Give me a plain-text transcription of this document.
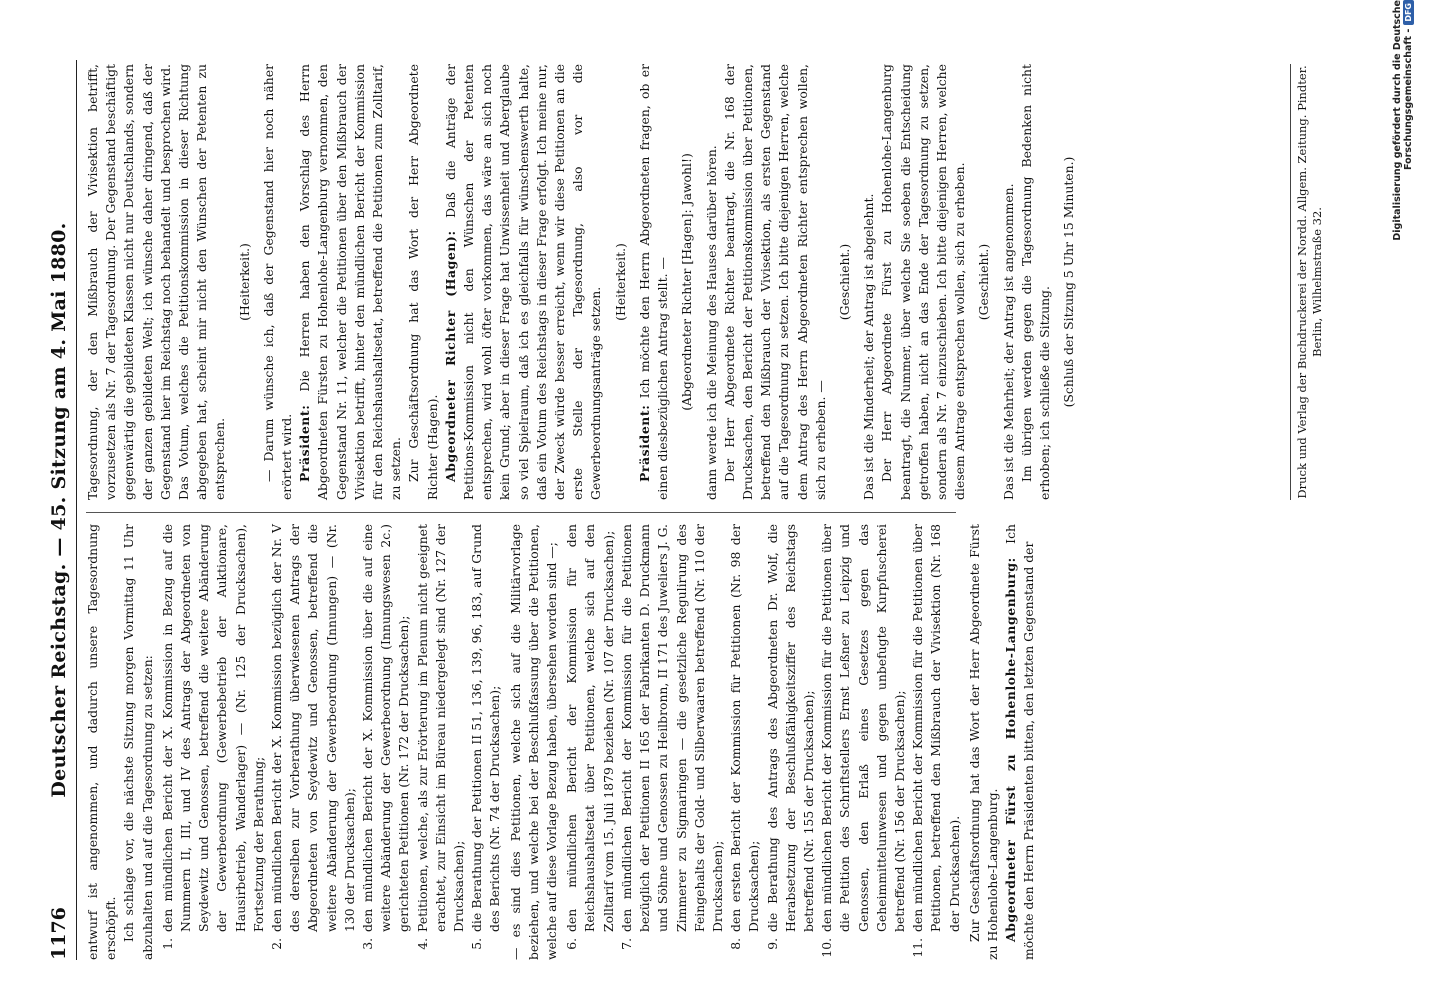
1176
Deutscher Reichstag. — 45. Sitzung am 4. Mai 1880. entwurf ist angenommen, und dadurch unsere Tagesordnung erschöpft. Ich schlage vor, die nächste Sitzung morgen Vormittag 11 Uhr abzuhalten und auf die Tagesordnung zu setzen: 1. den mündlichen Bericht der X. Kommission in Bezug auf die Nummern II, III, und IV des Antrags der Abgeordneten von Seydewitz und Genossen, betreffend die weitere Abänderung der Gewerbeordnung (Gewerbebetrieb der Auktionare, Hausirbetrieb, Wanderlager) — (Nr. 125 der Drucksachen), Fortsetzung der Berathung; 2. den mündlichen Bericht der X. Kommission bezüglich der Nr. V des derselben zur Vorberathung überwiesenen Antrags der Abgeordneten von Seydewitz und Genossen, betreffend die weitere Abänderung der Gewerbeordnung (Innungen) — (Nr. 130 der Drucksachen); 3. den mündlichen Bericht der X. Kommission über die auf eine weitere Abänderung der Gewerbeordnung (Innungswesen 2c.) gerichteten Petitionen (Nr. 172 der Drucksachen); 4. Petitionen, welche, als zur Erörterung im Plenum nicht geeignet erachtet, zur Einsicht im Büreau niedergelegt sind (Nr. 127 der Drucksachen); 5. die Berathung der Petitionen II 51, 136, 139, 96, 183, auf Grund des Berichts (Nr. 74 der Drucksachen); — es sind dies Petitionen, welche sich auf die Militärvorlage beziehen, und welche bei der Beschlußfassung über die Petitionen, welche auf diese Vorlage Bezug haben, übersehen worden sind —; 6. den mündlichen Bericht der Kommission für den Reichshaushaltsetat über Petitionen, welche sich auf den Zolltarif vom 15. Juli 1879 beziehen (Nr. 107 der Drucksachen); 7. den mündlichen Bericht der Kommission für die Petitionen bezüglich der Petitionen II 165 der Fabrikanten D. Druckmann und Söhne und Genossen zu Heilbronn, II 171 des Juweliers J. G. Zimmerer zu Sigmaringen — die gesetzliche Regulirung des Feingehalts der Gold- und Silberwaaren betreffend (Nr. 110 der Drucksachen); 8. den ersten Bericht der Kommission für Petitionen (Nr. 98 der Drucksachen); 9. die Berathung des Antrags des Abgeordneten Dr. Wolf, die Herabsetzung der Beschlußfähigkeitsziffer des Reichstags betreffend (Nr. 155 der Drucksachen); 10. den mündlichen Bericht der Kommission für die Petitionen über die Petition des Schriftstellers Ernst Leßner zu Leipzig und Genossen, den Erlaß eines Gesetzes gegen das Geheimmittelunwesen und gegen unbefugte Kurpfuscherei betreffend (Nr. 156 der Drucksachen); 11. den mündlichen Bericht der Kommission für die Petitionen über Petitionen, betreffend den Mißbrauch der Vivisektion (Nr. 168 der Drucksachen). Zur Geschäftsordnung hat das Wort der Herr Abgeordnete Fürst zu Hohenlohe-Langenburg. Abgeordneter Fürst zu Hohenlohe-Langenburg: Ich möchte den Herrn Präsidenten bitten, den letzten Gegenstand der

Tagesordnung, der den Mißbrauch der Vivisektion betrifft, vorzusetzen als Nr. 7 der Tagesordnung. Der Gegenstand beschäftigt gegenwärtig die gebildeten Klassen nicht nur Deutschlands, sondern der ganzen gebildeten Welt; ich wünsche daher dringend, daß der Gegenstand hier im Reichstag noch behandelt und besprochen wird. Das Votum, welches die Petitionskommission in dieser Richtung abgegeben hat, scheint mir nicht den Wünschen der Petenten zu entsprechen.

(Heiterkeit.) — Darum wünsche ich, daß der Gegenstand hier noch näher erörtert wird. Präsident: Die Herren haben den Vorschlag des Herrn Abgeordneten Fürsten zu Hohenlohe-Langenburg vernommen, den Gegenstand Nr. 11, welcher die Petitionen über den Mißbrauch der Vivisektion betrifft, hinter den mündlichen Bericht der Kommission für den Reichshaushaltsetat, betreffend die Petitionen zum Zolltarif, zu setzen. Zur Geschäftsordnung hat das Wort der Herr Abgeordnete Richter (Hagen). Abgeordneter Richter (Hagen): Daß die Anträge der Petitions-Kommission nicht den Wünschen der Petenten entsprechen, wird wohl öfter vorkommen, das wäre an sich noch kein Grund; aber in dieser Frage hat Unwissenheit und Aberglaube so viel Spielraum, daß ich es gleichfalls für wünschenswerth halte, daß ein Votum des Reichstags in dieser Frage erfolgt. Ich meine nur, der Zweck würde besser erreicht, wenn wir diese Petitionen an die erste Stelle der Tagesordnung, also vor die Gewerbeordnungsanträge setzen.

(Heiterkeit.)

Präsident: Ich möchte den Herrn Abgeordneten fragen, ob er einen diesbezüglichen Antrag stellt. — (Abgeordneter Richter [Hagen]: Jawohl!) dann werde ich die Meinung des Hauses darüber hören. Der Herr Abgeordnete Richter beantragt, die Nr. 168 der Drucksachen, den Bericht der Petitionskommission über Petitionen, betreffend den Mißbrauch der Vivisektion, als ersten Gegenstand auf die Tagesordnung zu setzen. Ich bitte diejenigen Herren, welche dem Antrag des Herrn Abgeordneten Richter entsprechen wollen, sich zu erheben. —

(Geschieht.) Das ist die Minderheit; der Antrag ist abgelehnt. Der Herr Abgeordnete Fürst zu Hohenlohe-Langenburg beantragt, die Nummer, über welche Sie soeben die Entscheidung getroffen haben, nicht an das Ende der Tagesordnung zu setzen, sondern als Nr. 7 einzuschieben. Ich bitte diejenigen Herren, welche diesem Antrage entsprechen wollen, sich zu erheben. (Geschieht.) Das ist die Mehrheit; der Antrag ist angenommen. Im übrigen werden gegen die Tagesordnung Bedenken nicht erhoben; ich schließe die Sitzung. (Schluß der Sitzung 5 Uhr 15 Minuten.)	Druck und Verlag der Buchdruckerei der Nordd. Allgem. Zeitung. Pindter. Berlin, Wilhelmstraße 32.
Digitalisierung gefördert durch die Deutsche Forschungsgemeinschaft -DFG
